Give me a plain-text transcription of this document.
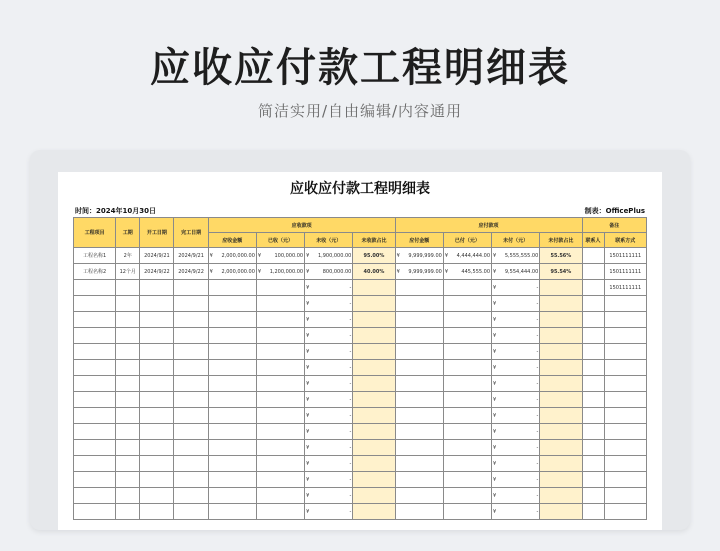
应收应付款工程明细表
简洁实用/自由编辑/内容通用
应收应付款工程明细表
时间：2024年10月30日	制表：OfficePlus
工程项目	工期	开工日期	完工日期	应收款项				应付款项				备注	
				应收金额	已收（元）	未收（元）	未收款占比	应付金额	已付（元）	未付（元）	未付款占比	联系人	联系方式
工程名称1	2年	2024/9/21	2024/9/21	¥ 2,000,000.00	¥ 100,000.00	¥ 1,900,000.00	95.00%	¥ 9,999,999.00	¥ 4,444,444.00	¥ 5,555,555.00	55.56%		1501111111
工程名称2	12个月	2024/9/22	2024/9/22	¥ 2,000,000.00	¥ 1,200,000.00	¥ 800,000.00	40.00%	¥ 9,999,999.00	¥ 445,555.00	¥ 9,554,444.00	95.54%		1501111111

						¥ -				¥ -			1501111111

						¥ -				¥ -			

						¥ -				¥ -			

						¥ -				¥ -			

						¥ -				¥ -			

						¥ -				¥ -			

						¥ -				¥ -			

						¥ -				¥ -			

						¥ -				¥ -			

						¥ -				¥ -			

						¥ -				¥ -			

						¥ -				¥ -			

						¥ -				¥ -			

						¥ -				¥ -			

						¥ -				¥ -			
